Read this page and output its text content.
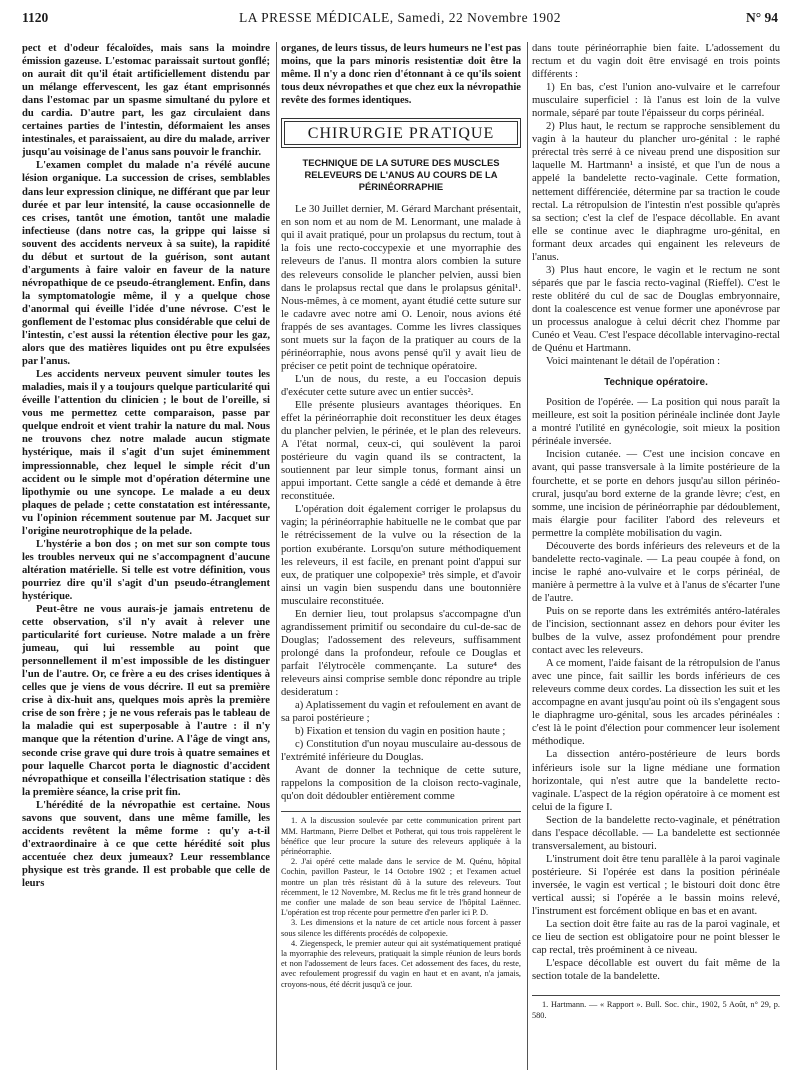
1120	LA PRESSE MÉDICALE, Samedi, 22 Novembre 1902	N° 94

pect et d'odeur fécaloïdes, mais sans la moindre émission gazeuse. L'estomac paraissait surtout gonflé; on aurait dit qu'il était artificiellement distendu par un mélange effervescent, les gaz étant emprisonnés dans l'estomac par un spasme simultané du pylore et du cardia. D'autre part, les gaz circulaient dans certaines parties de l'intestin, déformaient les anses intestinales, et paraissaient, au dire du malade, arriver jusqu'au voisinage de l'anus sans pouvoir le franchir.

L'examen complet du malade n'a révélé aucune lésion organique. La succession de crises, semblables dans leur expression clinique, ne différant que par leur durée et par leur intensité, la cause occasionnelle de ces crises, tantôt une émotion, tantôt une maladie infectieuse (dans notre cas, la grippe qui laisse si souvent des accidents nerveux à sa suite), la rapidité du début et surtout de la guérison, sont autant d'arguments à faire valoir en faveur de la nature névropathique de ce pseudo-étranglement. Enfin, dans la symptomatologie même, il y a quelque chose d'anormal qui éveille l'idée d'une névrose. C'est le gonflement de l'estomac plus considérable que celui de l'intestin, c'est aussi la rétention élective pour les gaz, alors que des matières liquides ont pu être expulsées par l'anus.

Les accidents nerveux peuvent simuler toutes les maladies, mais il y a toujours quelque particularité qui éveille l'attention du clinicien ; le bout de l'oreille, si vous me permettez cette comparaison, passe par quelque endroit et vient trahir la nature du mal. Nous ne trouvons chez notre malade aucun stigmate hystérique, mais il s'agit d'un sujet éminemment impressionnable, chez lequel le simple récit d'un accident ou le simple mot d'opération détermine une lipothymie ou une syncope. Le malade a eu deux plaques de pelade ; cette constatation est intéressante, vu l'opinion récemment soutenue par M. Jacquet sur l'origine neurotrophique de la pelade.

L'hystérie a bon dos ; on met sur son compte tous les troubles nerveux qui ne s'accompagnent d'aucune altération matérielle. Si telle est votre définition, vous pourriez dire qu'il s'agit d'un pseudo-étranglement hystérique.

Peut-être ne vous aurais-je jamais entretenu de cette observation, s'il n'y avait à relever une particularité fort curieuse. Notre malade a un frère jumeau, qui lui ressemble au point que personnellement il m'est impossible de les distinguer l'un de l'autre. Or, ce frère a eu des crises identiques à celles que je viens de vous décrire. Il eut sa première crise à dix-huit ans, quelques mois après la première crise de son frère ; je ne vous referais pas le tableau de la maladie qui est superposable à l'autre : il n'y manque que la rétention d'urine. A l'âge de vingt ans, seconde crise grave qui dure trois à quatre semaines et pour laquelle Charcot porta le diagnostic d'accident névropathique et conseilla l'électrisation statique : dès la première séance, la crise prit fin.

L'hérédité de la névropathie est certaine. Nous savons que souvent, dans une même famille, les accidents revêtent la même forme : qu'y a-t-il d'extraordinaire à ce que cette hérédité soit plus accentuée chez deux jumeaux? Leur ressemblance physique est très grande. Il est probable que celle de leurs

organes, de leurs tissus, de leurs humeurs ne l'est pas moins, que la pars minoris resistentiæ doit être la même. Il n'y a donc rien d'étonnant à ce qu'ils soient tous deux névropathes et que chez eux la névropathie revête des formes identiques.

CHIRURGIE PRATIQUE
TECHNIQUE DE LA SUTURE DES MUSCLES RELEVEURS DE L'ANUS AU COURS DE LA PÉRINÉORRAPHIE

Le 30 Juillet dernier, M. Gérard Marchant présentait, en son nom et au nom de M. Lenormant, une malade à qui il avait pratiqué, pour un prolapsus du rectum, tout à la fois une recto-coccypexie et une myorraphie des releveurs de l'anus. Il montra alors combien la suture des releveurs consolide le plancher pelvien, aussi bien dans le prolapsus rectal que dans le prolapsus génital¹. Nous-mêmes, à ce moment, ayant étudié cette suture sur le cadavre avec notre ami O. Lenoir, nous avions été frappés de ses avantages. Comme les livres classiques sont muets sur la façon de la pratiquer au cours de la périnéorraphie, nous avons pensé qu'il y avait lieu de préciser ce petit point de technique opératoire.

L'un de nous, du reste, a eu l'occasion depuis d'exécuter cette suture avec un entier succès².

Elle présente plusieurs avantages théoriques. En effet la périnéorraphie doit reconstituer les deux étages du plancher pelvien, le périnée, et le plan des releveurs. A l'état normal, ceux-ci, qui soulèvent la paroi postérieure du vagin quand ils se contractent, la soutiennent par leur simple tonus, formant ainsi un appui important. Cette sangle a cédé et demande à être reconstituée.

L'opération doit également corriger le prolapsus du vagin; la périnéorraphie habituelle ne le combat que par le rétrécissement de la vulve ou la résection de la portion exubérante. Lorsqu'on suture méthodiquement les releveurs, il est facile, en prenant point d'appui sur eux, de pratiquer une colpopexie³ très simple, et d'avoir ainsi un vagin bien suspendu dans une boutonnière musculaire reconstituée.

En dernier lieu, tout prolapsus s'accompagne d'un agrandissement primitif ou secondaire du cul-de-sac de Douglas; l'adossement des releveurs, suffisamment prolongé dans la profondeur, refoule ce Douglas et parfait l'élytrocèle commençante. La suture⁴ des releveurs ainsi comprise semble donc répondre au triple desideratum :

a) Aplatissement du vagin et refoulement en avant de sa paroi postérieure ;

b) Fixation et tension du vagin en position haute ;

c) Constitution d'un noyau musculaire au-dessous de l'extrémité inférieure du Douglas.

Avant de donner la technique de cette suture, rappelons la composition de la cloison recto-vaginale, qu'on doit dédoubler entièrement comme

1. A la discussion soulevée par cette communication prirent part MM. Hartmann, Pierre Delbet et Potherat, qui tous trois rappelèrent le bénéfice que leur procure la suture des releveurs appliquée à la périnéorraphie.

2. J'ai opéré cette malade dans le service de M. Quénu, hôpital Cochin, pavillon Pasteur, le 14 Octobre 1902 ; et l'examen actuel montre un plan très résistant dû à la suture des releveurs. Tout récemment, le 12 Novembre, M. Reclus me fit le très grand honneur de me confier une malade de son beau service de l'hôpital Laënnec. L'opération est trop récente pour permettre d'en parler ici P. D.

3. Les dimensions et la nature de cet article nous forcent à passer sous silence les différents procédés de colpopexie.

4. Ziegenspeck, le premier auteur qui ait systématiquement pratiqué la myorraphie des releveurs, pratiquait la simple réunion de leurs bords et non l'adossement de leurs faces. Cet adossement des faces, du reste, avec refoulement progressif du vagin en haut et en avant, n'a jamais, croyons-nous, été décrit jusqu'à ce jour.

dans toute périnéorraphie bien faite. L'adossement du rectum et du vagin doit être envisagé en trois points différents :

1) En bas, c'est l'union ano-vulvaire et le carrefour musculaire superficiel : là l'anus est loin de la vulve normale, séparé par toute l'épaisseur du corps périnéal.

2) Plus haut, le rectum se rapproche sensiblement du vagin à la hauteur du plancher uro-génital : le raphé prérectal très serré à ce niveau prend une disposition sur laquelle M. Hartmann¹ a insisté, et que l'un de nous a appelé la bandelette recto-vaginale. Cette formation, nettement différenciée, détermine par sa traction le coude rectal. La rétropulsion de l'intestin n'est possible qu'après sa section; c'est la clef de l'espace décollable. En avant elle se continue avec le diaphragme uro-génital, en formant deux arcades qui engainent les releveurs de l'anus.

3) Plus haut encore, le vagin et le rectum ne sont séparés que par le fascia recto-vaginal (Rieffel). C'est le reste oblitéré du cul de sac de Douglas embryonnaire, dont la coalescence est venue former une aponévrose par un processus analogue à celui décrit chez l'homme par Cunéo et Veau. C'est l'espace décollable intervagino-rectal de Quénu et Hartmann.

Voici maintenant le détail de l'opération :

Technique opératoire.

Position de l'opérée. — La position qui nous paraît la meilleure, est soit la position périnéale inclinée dont Jayle a montré l'utilité en gynécologie, soit mieux la position périnéale inversée.

Incision cutanée. — C'est une incision concave en avant, qui passe transversale à la limite postérieure de la fourchette, et se porte en dehors jusqu'au sillon périnéo-crural, jusqu'au bord externe de la grande lèvre; c'est, en somme, une incision de périnéorraphie par dédoublement, mais élargie pour faciliter l'abord des releveurs et permettre la complète mobilisation du vagin.

Découverte des bords inférieurs des releveurs et de la bandelette recto-vaginale. — La peau coupée à fond, on incise le raphé ano-vulvaire et le corps périnéal, de manière à permettre à la vulve et à l'anus de s'écarter l'une de l'autre.

Puis on se reporte dans les extrémités antéro-latérales de l'incision, sectionnant assez en dehors pour éviter les bulbes de la vulve, assez profondément pour prendre contact avec les releveurs.

A ce moment, l'aide faisant de la rétropulsion de l'anus avec une pince, fait saillir les bords inférieurs de ces releveurs comme deux cordes. La dissection les suit et les accompagne en avant jusqu'au point où ils s'engagent sous le diaphragme uro-génital, sous les arcades périnéales : c'est là le point d'élection pour commencer leur isolement méthodique.

La dissection antéro-postérieure de leurs bords inférieurs isole sur la ligne médiane une formation horizontale, qui n'est autre que la bandelette recto-vaginale. L'aspect de la région opératoire à ce moment est celui de la figure I.

Section de la bandelette recto-vaginale, et pénétration dans l'espace décollable. — La bandelette est sectionnée transversalement, au bistouri.

L'instrument doit être tenu parallèle à la paroi vaginale postérieure. Si l'opérée est dans la position périnéale inversée, le vagin est vertical ; le bistouri doit donc être vertical aussi; si l'opérée a le bassin moins relevé, l'instrument est forcément oblique en bas et en avant.

La section doit être faite au ras de la paroi vaginale, et ce lieu de section est obligatoire pour ne point blesser le cap rectal, très proéminent à ce niveau.

L'espace décollable est ouvert du fait même de la section totale de la bandelette.

1. Hartmann. — « Rapport ». Bull. Soc. chir., 1902, 5 Août, n° 29, p. 580.
